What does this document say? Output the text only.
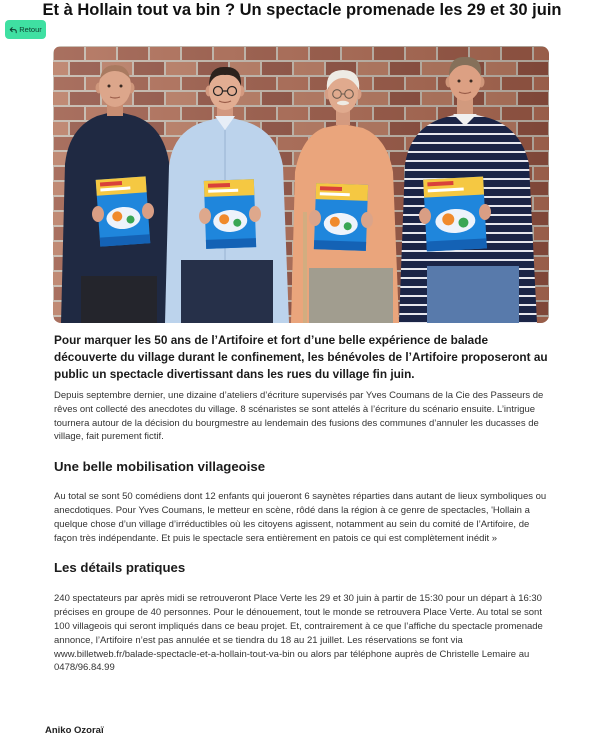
Et à Hollain tout va bin ? Un spectacle promenade les 29 et 30 juin
Retour

Pour marquer les 50 ans de l’Artifoire et fort d’une belle expérience de balade découverte du village durant le confinement, les bénévoles de l’Artifoire proposeront au public un spectacle divertissant dans les rues du village fin juin.

Depuis septembre dernier, une dizaine d’ateliers d’écriture supervisés par Yves Coumans de la Cie des Passeurs de rêves ont collecté des anecdotes du village. 8 scénaristes se sont attelés à l’écriture du scénario ensuite. L’intrigue tournera autour de la décision du bourgmestre au lendemain des fusions des communes d’annuler les ducasses de village, fait purement fictif.

Une belle mobilisation villageoise

Au total se sont 50 comédiens dont 12 enfants qui joueront 6 saynètes réparties dans autant de lieux symboliques ou anecdotiques. Pour Yves Coumans, le metteur en scène, rôdé dans la région à ce genre de spectacles, 'Hollain a quelque chose d’un village d’irréductibles où les citoyens agissent, notamment au sein du comité de l’Artifoire, de façon très indépendante. Et puis le spectacle sera entièrement en patois ce qui est complètement inédit »

Les détails pratiques

240 spectateurs par après midi se retrouveront Place Verte les 29 et 30 juin à partir de 15:30 pour un départ à 16:30 précises en groupe de 40 personnes. Pour le dénouement, tout le monde se retrouvera Place Verte. Au total se sont 100 villageois qui seront impliqués dans ce beau projet. Et, contrairement à ce que l’affiche du spectacle promenade annonce, l’Artifoire n’est pas annulée et se tiendra du 18 au 21 juillet. Les réservations se font via www.billetweb.fr/balade-spectacle-et-a-hollain-tout-va-bin ou alors par téléphone auprès de Christelle Lemaire au 0478/96.84.99

Aniko Ozoraï
